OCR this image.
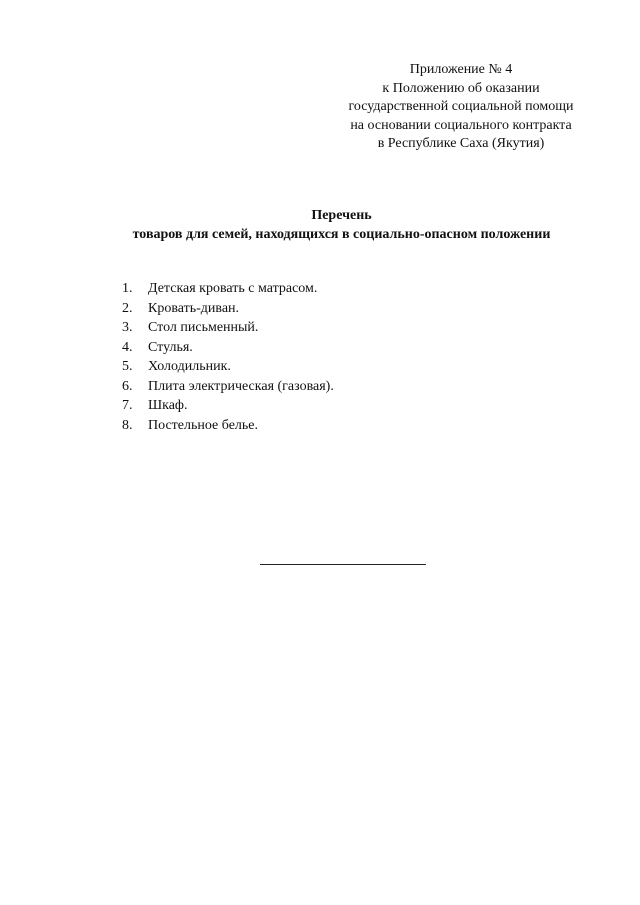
Приложение № 4
к Положению об оказании
государственной социальной помощи
на основании социального контракта
в Республике Саха (Якутия)
Перечень
товаров для семей, находящихся в социально-опасном положении
1.	Детская кровать с матрасом.
2.	Кровать-диван.
3.	Стол письменный.
4.	Стулья.
5.	Холодильник.
6.	Плита электрическая (газовая).
7.	Шкаф.
8.	Постельное белье.
